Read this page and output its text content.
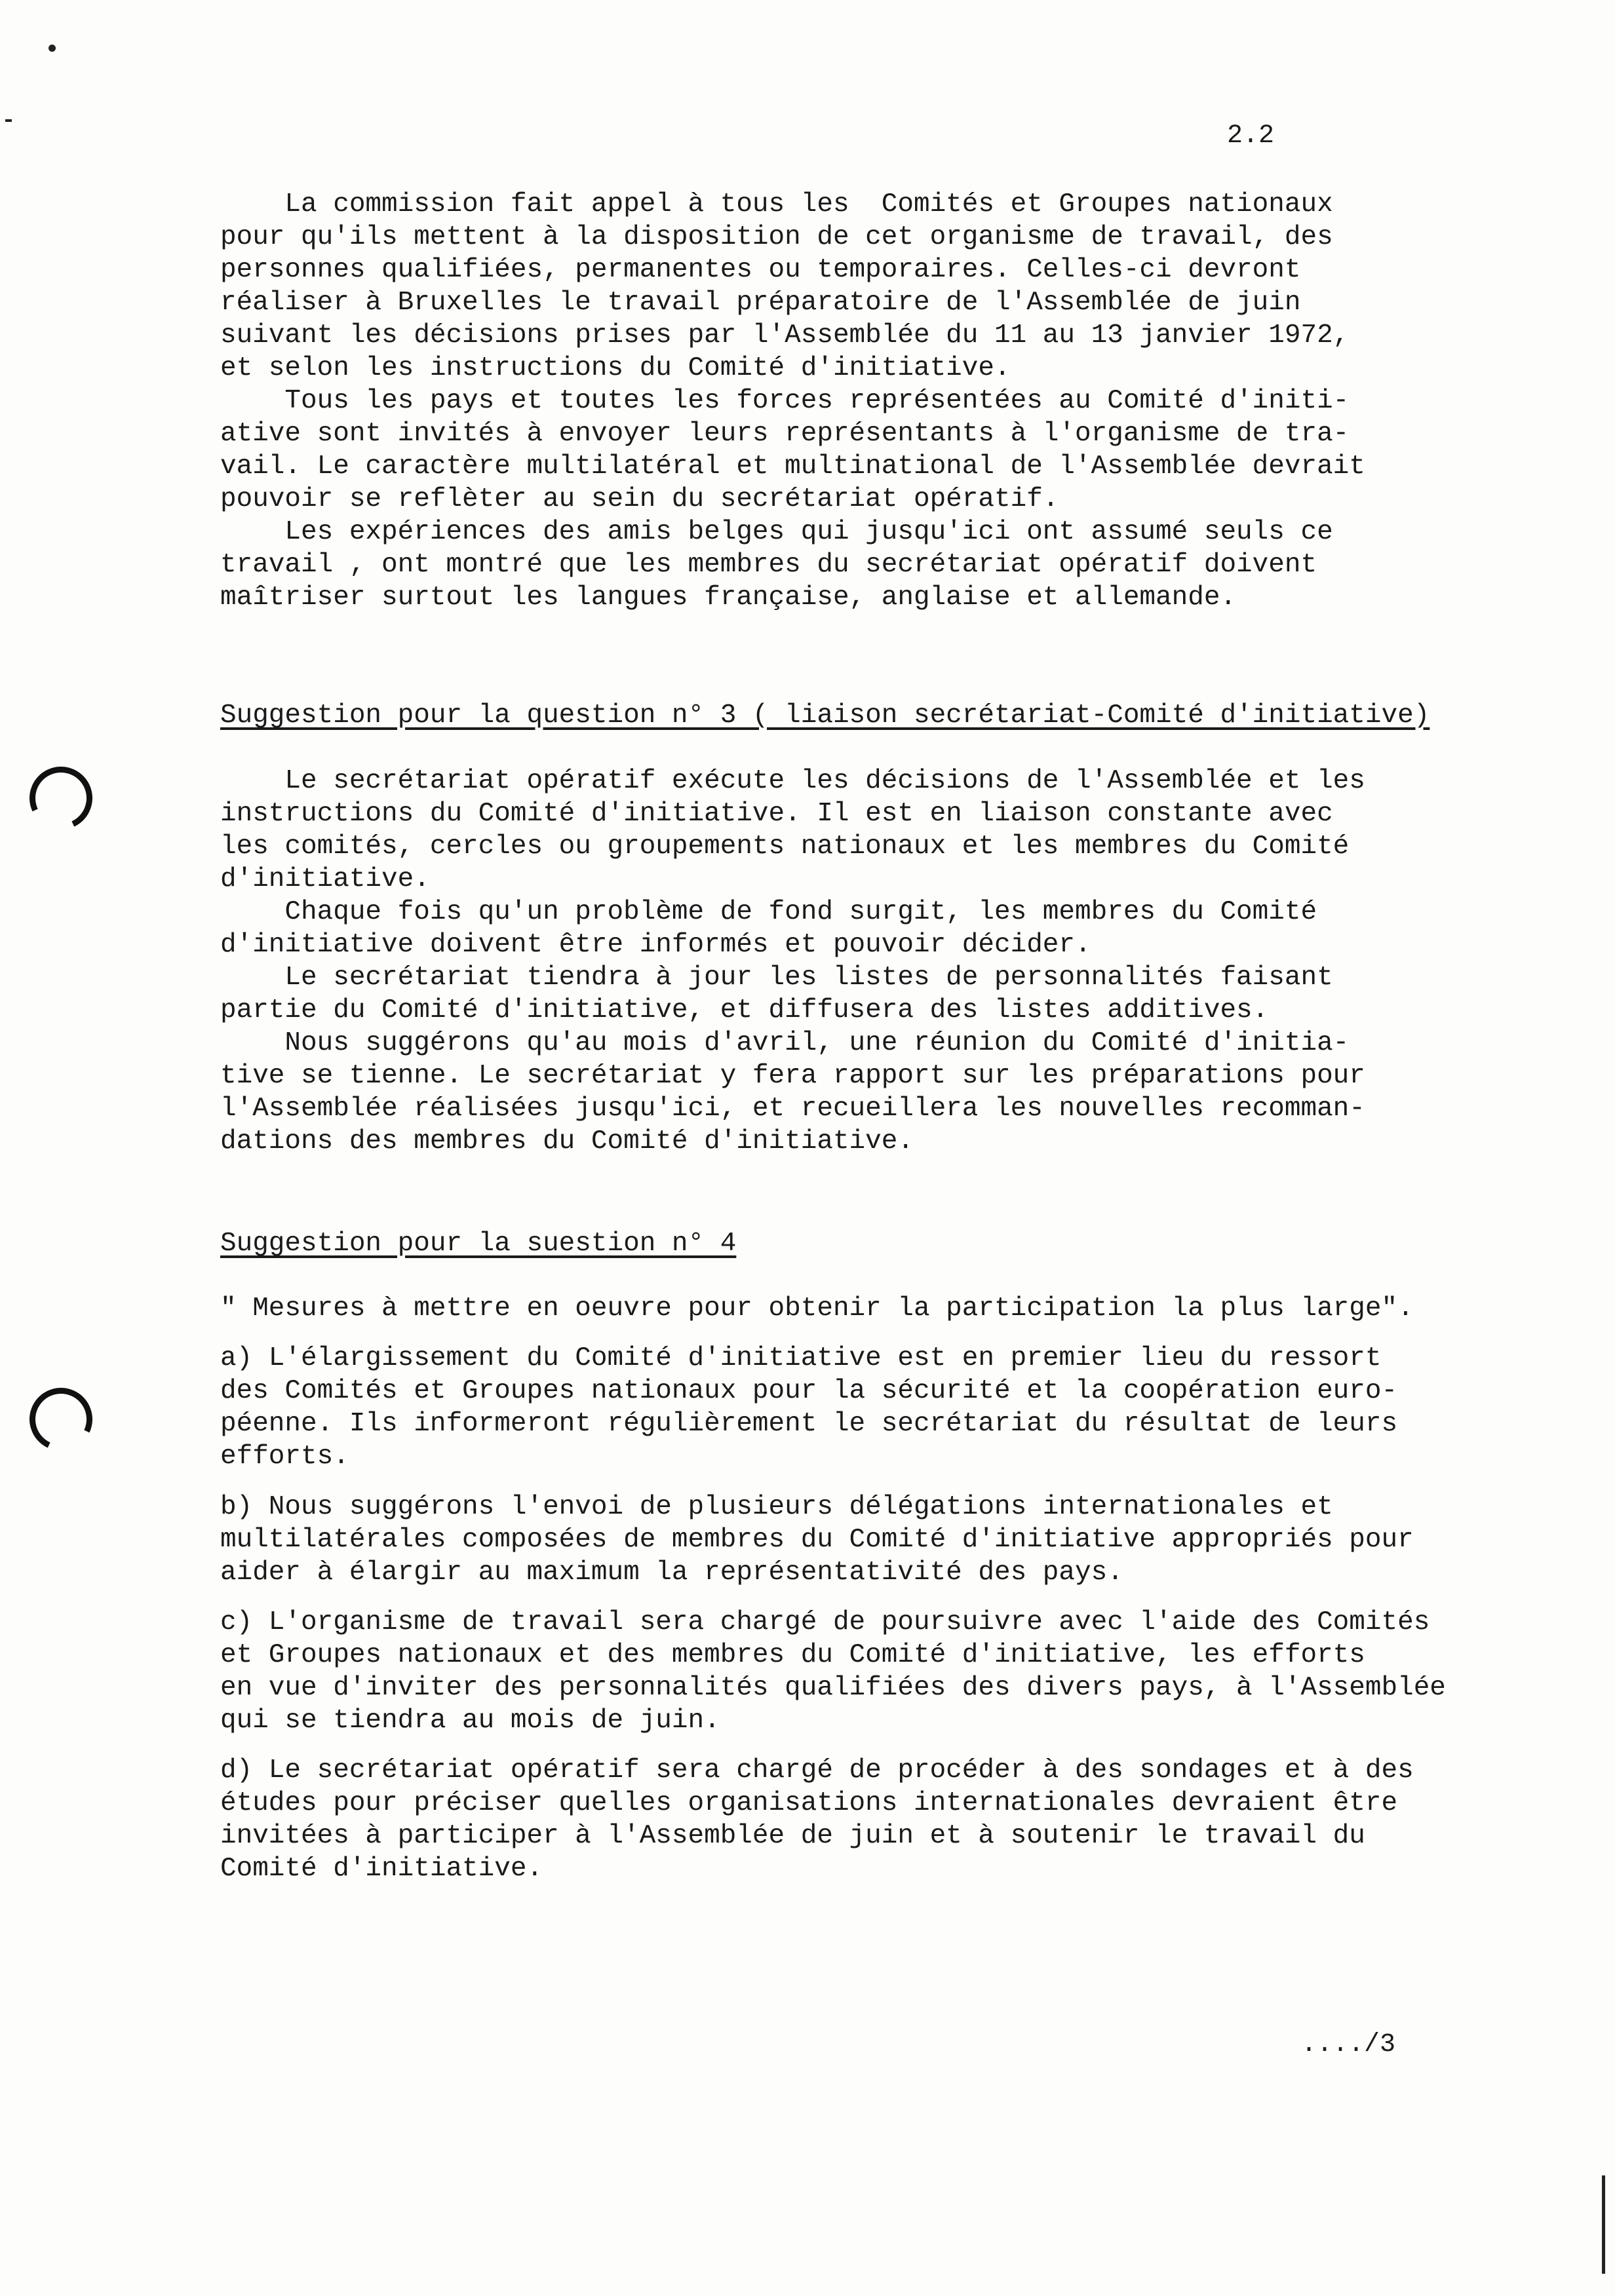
2.2
La commission fait appel à tous les  Comités et Groupes nationaux
pour qu'ils mettent à la disposition de cet organisme de travail, des
personnes qualifiées, permanentes ou temporaires. Celles-ci devront
réaliser à Bruxelles le travail préparatoire de l'Assemblée de juin
suivant les décisions prises par l'Assemblée du 11 au 13 janvier 1972,
et selon les instructions du Comité d'initiative.
Tous les pays et toutes les forces représentées au Comité d'initi-
ative sont invités à envoyer leurs représentants à l'organisme de tra-
vail. Le caractère multilatéral et multinational de l'Assemblée devrait
pouvoir se reflèter au sein du secrétariat opératif.
Les expériences des amis belges qui jusqu'ici ont assumé seuls ce
travail , ont montré que les membres du secrétariat opératif doivent
maîtriser surtout les langues française, anglaise et allemande.
Suggestion pour la question n° 3 ( liaison secrétariat-Comité d'initiative)
Le secrétariat opératif exécute les décisions de l'Assemblée et les
instructions du Comité d'initiative. Il est en liaison constante avec
les comités, cercles ou groupements nationaux et les membres du Comité
d'initiative.
Chaque fois qu'un problème de fond surgit, les membres du Comité
d'initiative doivent être informés et pouvoir décider.
Le secrétariat tiendra à jour les listes de personnalités faisant
partie du Comité d'initiative, et diffusera des listes additives.
Nous suggérons qu'au mois d'avril, une réunion du Comité d'initia-
tive se tienne. Le secrétariat y fera rapport sur les préparations pour
l'Assemblée réalisées jusqu'ici, et recueillera les nouvelles recomman-
dations des membres du Comité d'initiative.
Suggestion pour la suestion n° 4
" Mesures à mettre en oeuvre pour obtenir la participation la plus large".
a) L'élargissement du Comité d'initiative est en premier lieu du ressort
des Comités et Groupes nationaux pour la sécurité et la coopération euro-
péenne. Ils informeront régulièrement le secrétariat du résultat de leurs
efforts.
b) Nous suggérons l'envoi de plusieurs délégations internationales et
multilatérales composées de membres du Comité d'initiative appropriés pour
aider à élargir au maximum la représentativité des pays.
c) L'organisme de travail sera chargé de poursuivre avec l'aide des Comités
et Groupes nationaux et des membres du Comité d'initiative, les efforts
en vue d'inviter des personnalités qualifiées des divers pays, à l'Assemblée
qui se tiendra au mois de juin.
d) Le secrétariat opératif sera chargé de procéder à des sondages et à des
études pour préciser quelles organisations internationales devraient être
invitées à participer à l'Assemblée de juin et à soutenir le travail du
Comité d'initiative.
..../3
